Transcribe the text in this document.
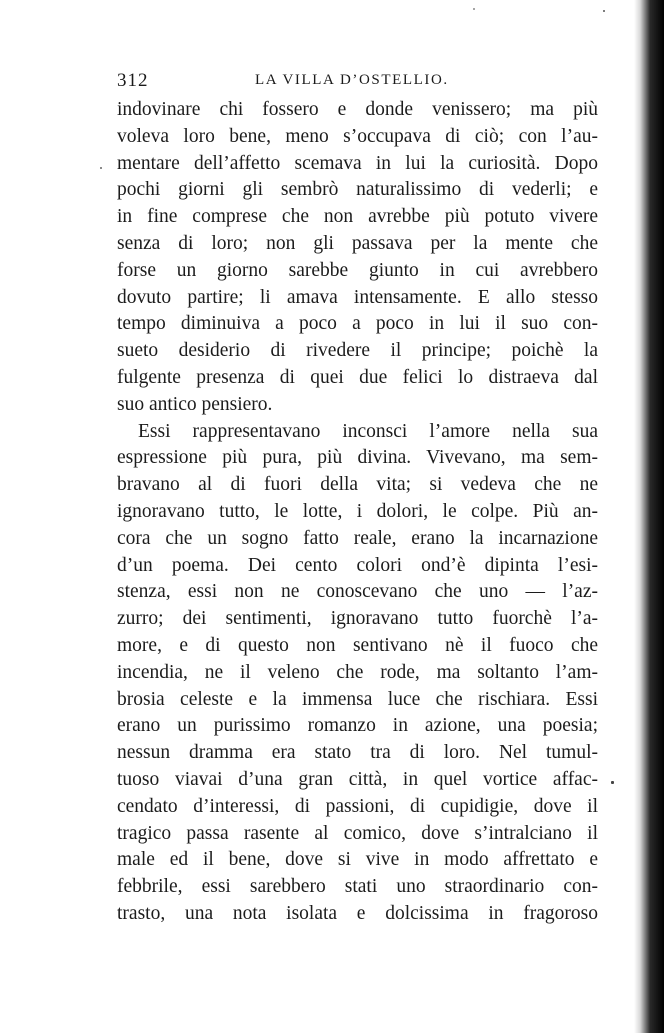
312	LA VILLA D’OSTELLIO.
indovinare chi fossero e donde venissero; ma più
voleva loro bene, meno s’occupava di ciò; con l’au-
mentare dell’affetto scemava in lui la curiosità. Dopo
pochi giorni gli sembrò naturalissimo di vederli; e
in fine comprese che non avrebbe più potuto vivere
senza di loro; non gli passava per la mente che
forse un giorno sarebbe giunto in cui avrebbero
dovuto partire; li amava intensamente. E allo stesso
tempo diminuiva a poco a poco in lui il suo con-
sueto desiderio di rivedere il principe; poichè la
fulgente presenza di quei due felici lo distraeva dal
suo antico pensiero.
Essi rappresentavano inconsci l’amore nella sua
espressione più pura, più divina. Vivevano, ma sem-
bravano al di fuori della vita; si vedeva che ne
ignoravano tutto, le lotte, i dolori, le colpe. Più an-
cora che un sogno fatto reale, erano la incarnazione
d’un poema. Dei cento colori ond’è dipinta l’esi-
stenza, essi non ne conoscevano che uno — l’az-
zurro; dei sentimenti, ignoravano tutto fuorchè l’a-
more, e di questo non sentivano nè il fuoco che
incendia, ne il veleno che rode, ma soltanto l’am-
brosia celeste e la immensa luce che rischiara. Essi
erano un purissimo romanzo in azione, una poesia;
nessun dramma era stato tra di loro. Nel tumul-
tuoso viavai d’una gran città, in quel vortice affac-
cendato d’interessi, di passioni, di cupidigie, dove il
tragico passa rasente al comico, dove s’intralciano il
male ed il bene, dove si vive in modo affrettato e
febbrile, essi sarebbero stati uno straordinario con-
trasto, una nota isolata e dolcissima in fragoroso
